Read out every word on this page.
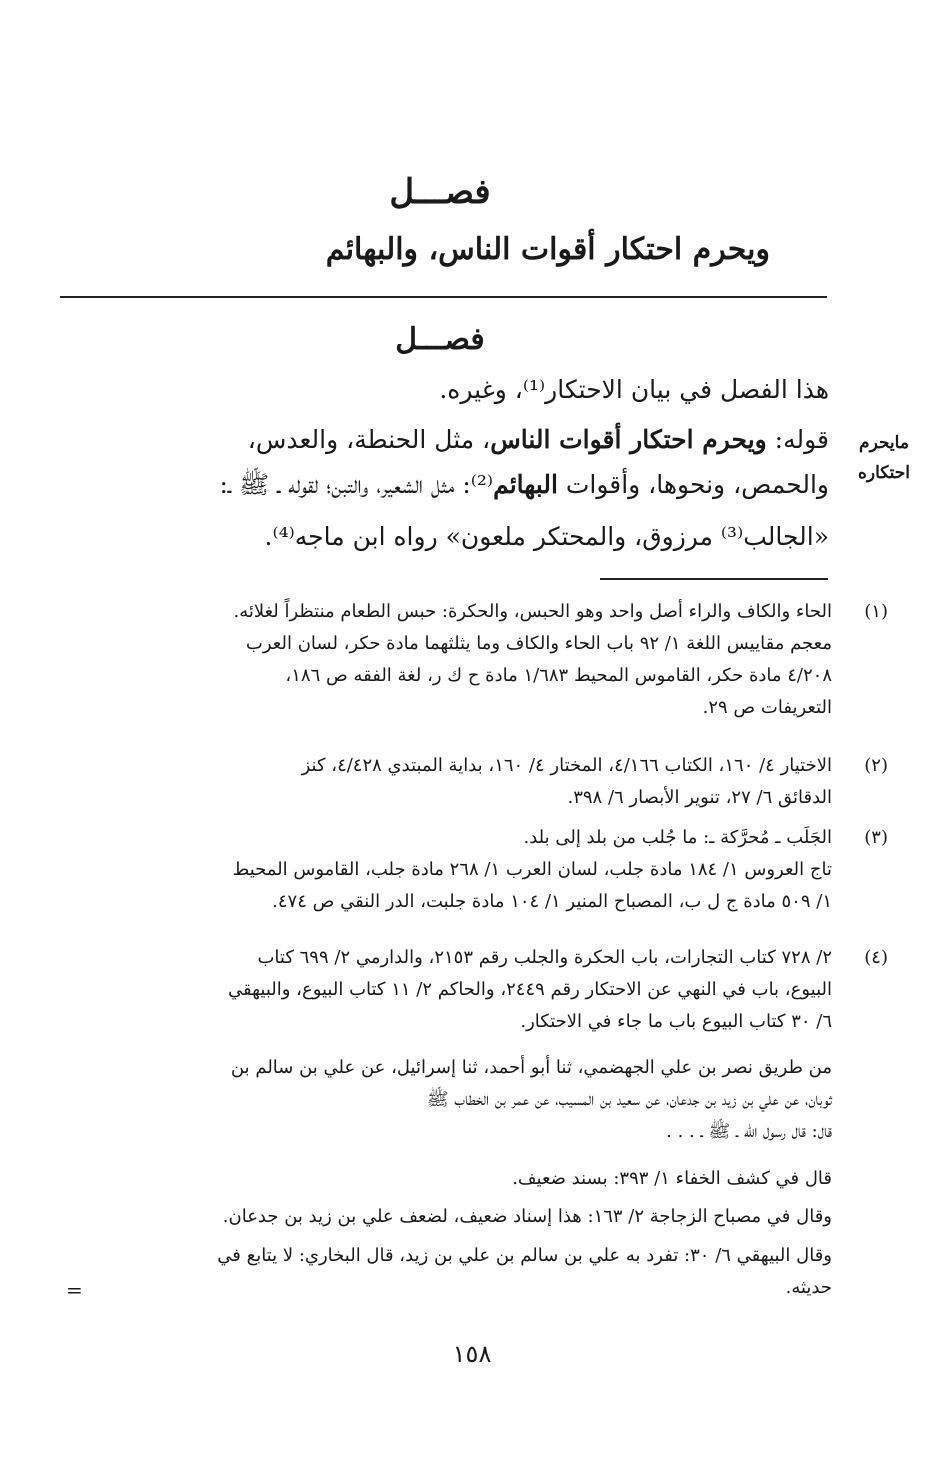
فصـــل
ويحرم احتكار أقوات الناس، والبهائم
فصـــل
هذا الفصل في بيان الاحتكار⁽¹⁾، وغيره.
قوله: ويحرم احتكار أقوات الناس، مثل الحنطة، والعدس،
والحمص، ونحوها، وأقوات البهائم⁽²⁾: مثل الشعير، والتبن؛ لقوله ـ ﷺ ـ:
«الجالب⁽³⁾ مرزوق، والمحتكر ملعون» رواه ابن ماجه⁽⁴⁾.
مايحرم
احتكاره
(١)
الحاء والكاف والراء أصل واحد وهو الحبس، والحكرة: حبس الطعام منتظراً لغلائه.
معجم مقاييس اللغة ١/ ٩٢ باب الحاء والكاف وما يثلثهما مادة حكر، لسان العرب
٤/٢٠٨ مادة حكر، القاموس المحيط ١/٦٨٣ مادة ح ك ر، لغة الفقه ص ١٨٦،
التعريفات ص ٢٩.
(٢)
الاختيار ٤/ ١٦٠، الكتاب ٤/١٦٦، المختار ٤/ ١٦٠، بداية المبتدي ٤/٤٢٨، كنز
الدقائق ٦/ ٢٧، تنوير الأبصار ٦/ ٣٩٨.
(٣)
الجَلَب ـ مُحرَّكة ـ: ما جُلب من بلد إلى بلد.
تاج العروس ١/ ١٨٤ مادة جلب، لسان العرب ١/ ٢٦٨ مادة جلب، القاموس المحيط
١/ ٥٠٩ مادة ج ل ب، المصباح المنير ١/ ١٠٤ مادة جلبت، الدر النقي ص ٤٧٤.
(٤)
٢/ ٧٢٨ كتاب التجارات، باب الحكرة والجلب رقم ٢١٥٣، والدارمي ٢/ ٦٩٩ كتاب
البيوع، باب في النهي عن الاحتكار رقم ٢٤٤٩، والحاكم ٢/ ١١ كتاب البيوع، والبيهقي
٦/ ٣٠ كتاب البيوع باب ما جاء في الاحتكار.
من طريق نصر بن علي الجهضمي، ثنا أبو أحمد، ثنا إسرائيل، عن علي بن سالم بن
ثوبان، عن علي بن زيد بن جدعان، عن سعيد بن المسيب، عن عمر بن الخطاب ﷺ
قال: قال رسول الله ـ ﷺ ـ . . .
قال في كشف الخفاء ١/ ٣٩٣: بسند ضعيف.
وقال في مصباح الزجاجة ٢/ ١٦٣: هذا إسناد ضعيف، لضعف علي بن زيد بن جدعان.
وقال البيهقي ٦/ ٣٠: تفرد به علي بن سالم بن علي بن زيد، قال البخاري: لا يتابع في
حديثه.
=
١٥٨
